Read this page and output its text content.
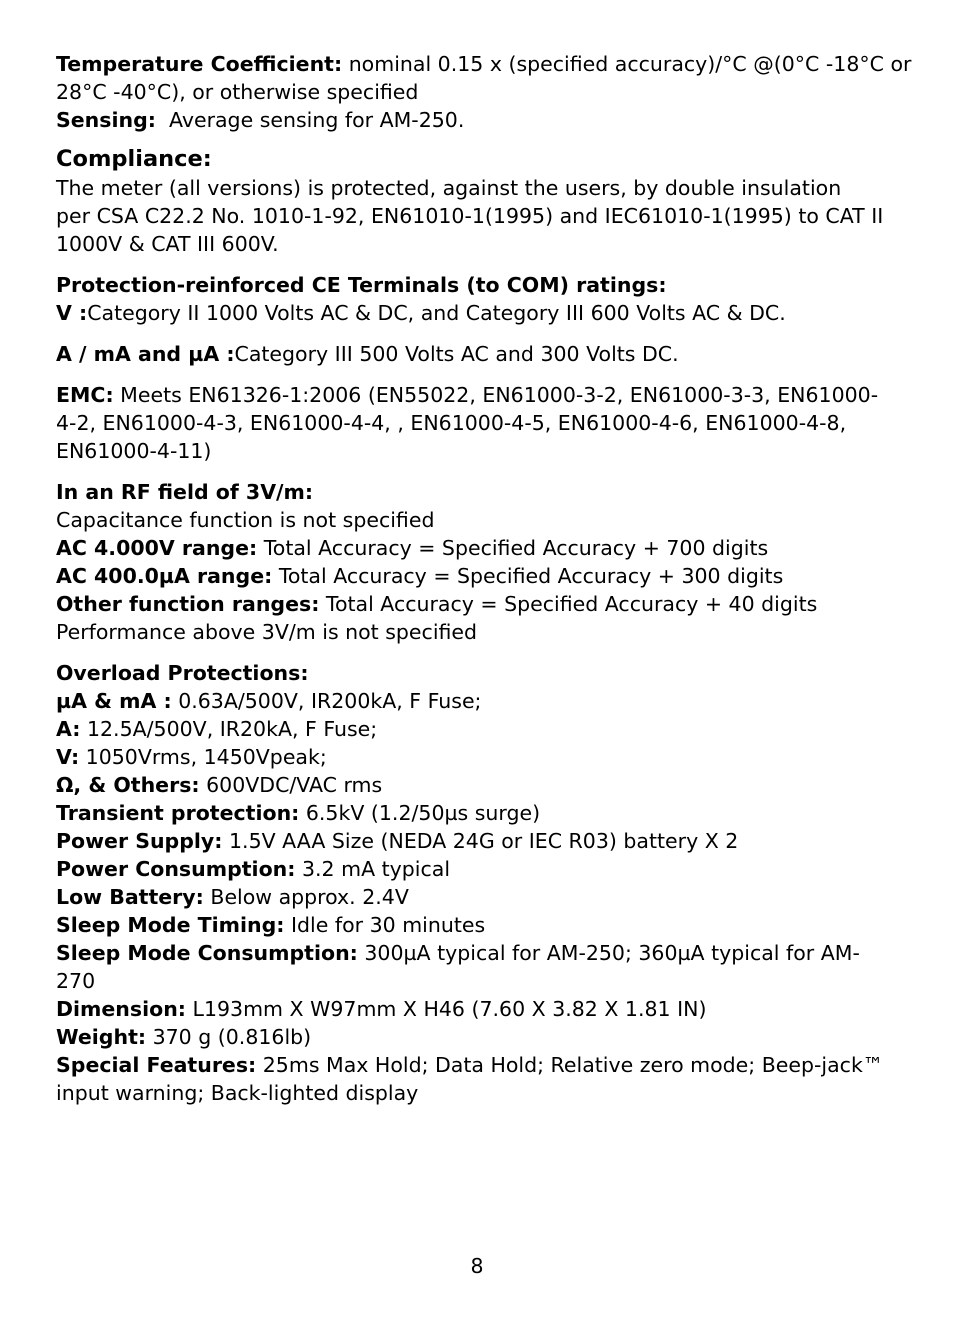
Temperature Coefficient: nominal 0.15 x (specified accuracy)/°C @(0°C -18°C or
28°C -40°C), or otherwise specified
Sensing:  Average sensing for AM-250.
Compliance:
The meter (all versions) is protected, against the users, by double insulation
per CSA C22.2 No. 1010-1-92, EN61010-1(1995) and IEC61010-1(1995) to CAT II
1000V & CAT III 600V.
Protection-reinforced CE Terminals (to COM) ratings:
V :Category II 1000 Volts AC & DC, and Category III 600 Volts AC & DC.
A / mA and µA :Category III 500 Volts AC and 300 Volts DC.
EMC: Meets EN61326-1:2006 (EN55022, EN61000-3-2, EN61000-3-3, EN61000-
4-2, EN61000-4-3, EN61000-4-4, , EN61000-4-5, EN61000-4-6, EN61000-4-8,
EN61000-4-11)
In an RF field of 3V/m:
Capacitance function is not specified
AC 4.000V range: Total Accuracy = Specified Accuracy + 700 digits
AC 400.0µA range: Total Accuracy = Specified Accuracy + 300 digits
Other function ranges: Total Accuracy = Specified Accuracy + 40 digits
Performance above 3V/m is not specified
Overload Protections:
µA & mA : 0.63A/500V, IR200kA, F Fuse;
A: 12.5A/500V, IR20kA, F Fuse;
V: 1050Vrms, 1450Vpeak;
Ω, & Others: 600VDC/VAC rms
Transient protection: 6.5kV (1.2/50µs surge)
Power Supply: 1.5V AAA Size (NEDA 24G or IEC R03) battery X 2
Power Consumption: 3.2 mA typical
Low Battery: Below approx. 2.4V
Sleep Mode Timing: Idle for 30 minutes
Sleep Mode Consumption: 300µA typical for AM-250; 360µA typical for AM-
270
Dimension: L193mm X W97mm X H46 (7.60 X 3.82 X 1.81 IN)
Weight: 370 g (0.816lb)
Special Features: 25ms Max Hold; Data Hold; Relative zero mode; Beep-jack™
input warning; Back-lighted display
8
